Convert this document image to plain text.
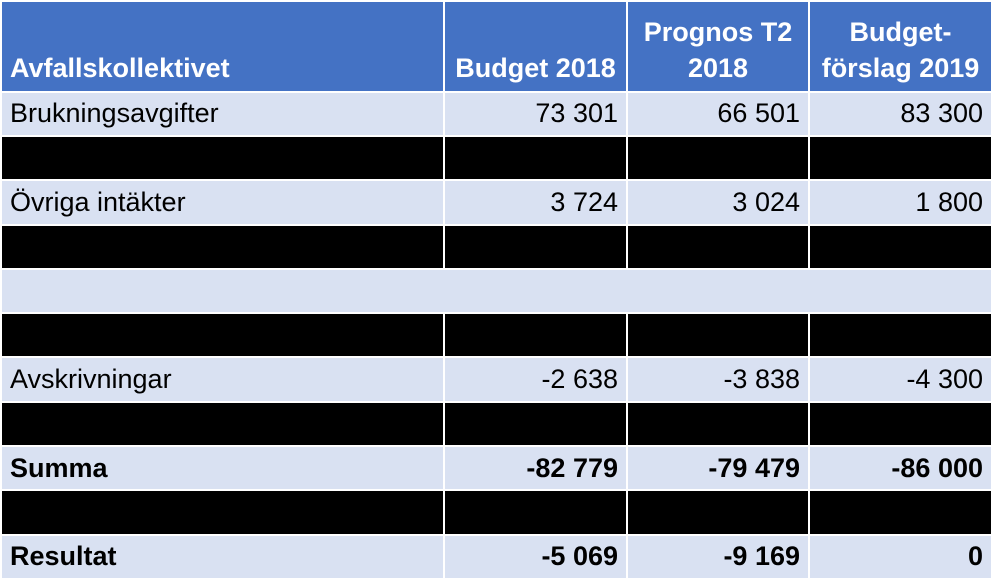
Avfallskollektivet	Budget 2018	Prognos T2 2018	Budget-förslag 2019
Brukningsavgifter	73 301	66 501	83 300

Övriga intäkter	3 724	3 024	1 800

Avskrivningar	-2 638	-3 838	-4 300

Summa	-82 779	-79 479	-86 000

Resultat	-5 069	-9 169	0
